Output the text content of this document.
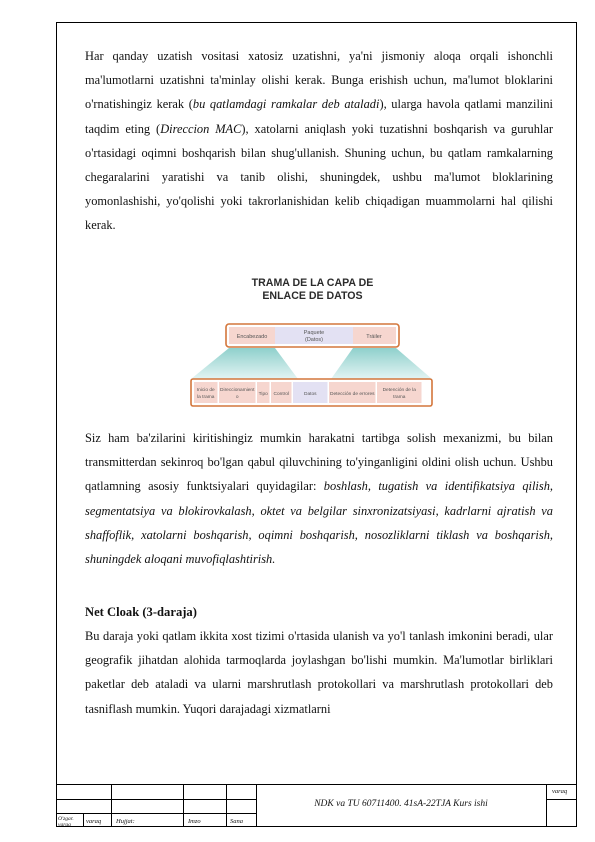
Har qanday uzatish vositasi xatosiz uzatishni, ya'ni jismoniy aloqa orqali ishonchli ma'lumotlarni uzatishni ta'minlay olishi kerak. Bunga erishish uchun, ma'lumot bloklarini o'rnatishingiz kerak (bu qatlamdagi ramkalar deb ataladi), ularga havola qatlami manzilini taqdim eting (Direccion MAC), xatolarni aniqlash yoki tuzatishni boshqarish va guruhlar o'rtasidagi oqimni boshqarish bilan shug'ullanish. Shuning uchun, bu qatlam ramkalarning chegaralarini yaratishi va tanib olishi, shuningdek, ushbu ma'lumot bloklarining yomonlashishi, yo'qolishi yoki takrorlanishidan kelib chiqadigan muammolarni hal qilishi kerak.

TRAMA DE LA CAPA DE
ENLACE DE DATOS
Encabezado
Paquete
(Datos)	Tráiler
Inicio de
la trama
Direccionamient
o
Tipo Control	Datos	Detección de errores
Detención de la
trama

Siz ham ba'zilarini kiritishingiz mumkin harakatni tartibga solish mexanizmi, bu bilan transmitterdan sekinroq bo'lgan qabul qiluvchining to'yinganligini oldini olish uchun. Ushbu qatlamning asosiy funktsiyalari quyidagilar: boshlash, tugatish va identifikatsiya qilish, segmentatsiya va blokirovkalash, oktet va belgilar sinxronizatsiyasi, kadrlarni ajratish va shaffoflik, xatolarni boshqarish, oqimni boshqarish, nosozliklarni tiklash va boshqarish, shuningdek aloqani muvofiqlashtirish.

Net Cloak (3-daraja)

Bu daraja yoki qatlam ikkita xost tizimi o'rtasida ulanish va yo'l tanlash imkonini beradi, ular geografik jihatdan alohida tarmoqlarda joylashgan bo'lishi mumkin. Ma'lumotlar birliklari paketlar deb ataladi va ularni marshrutlash protokollari va marshrutlash protokollari deb tasniflash mumkin. Yuqori darajadagi xizmatlarni

O'zgar. varaq	varaq Hujjat:	Imzo	Sana
NDK va TU 60711400. 41sA-22TJA Kurs ishi
varaq
